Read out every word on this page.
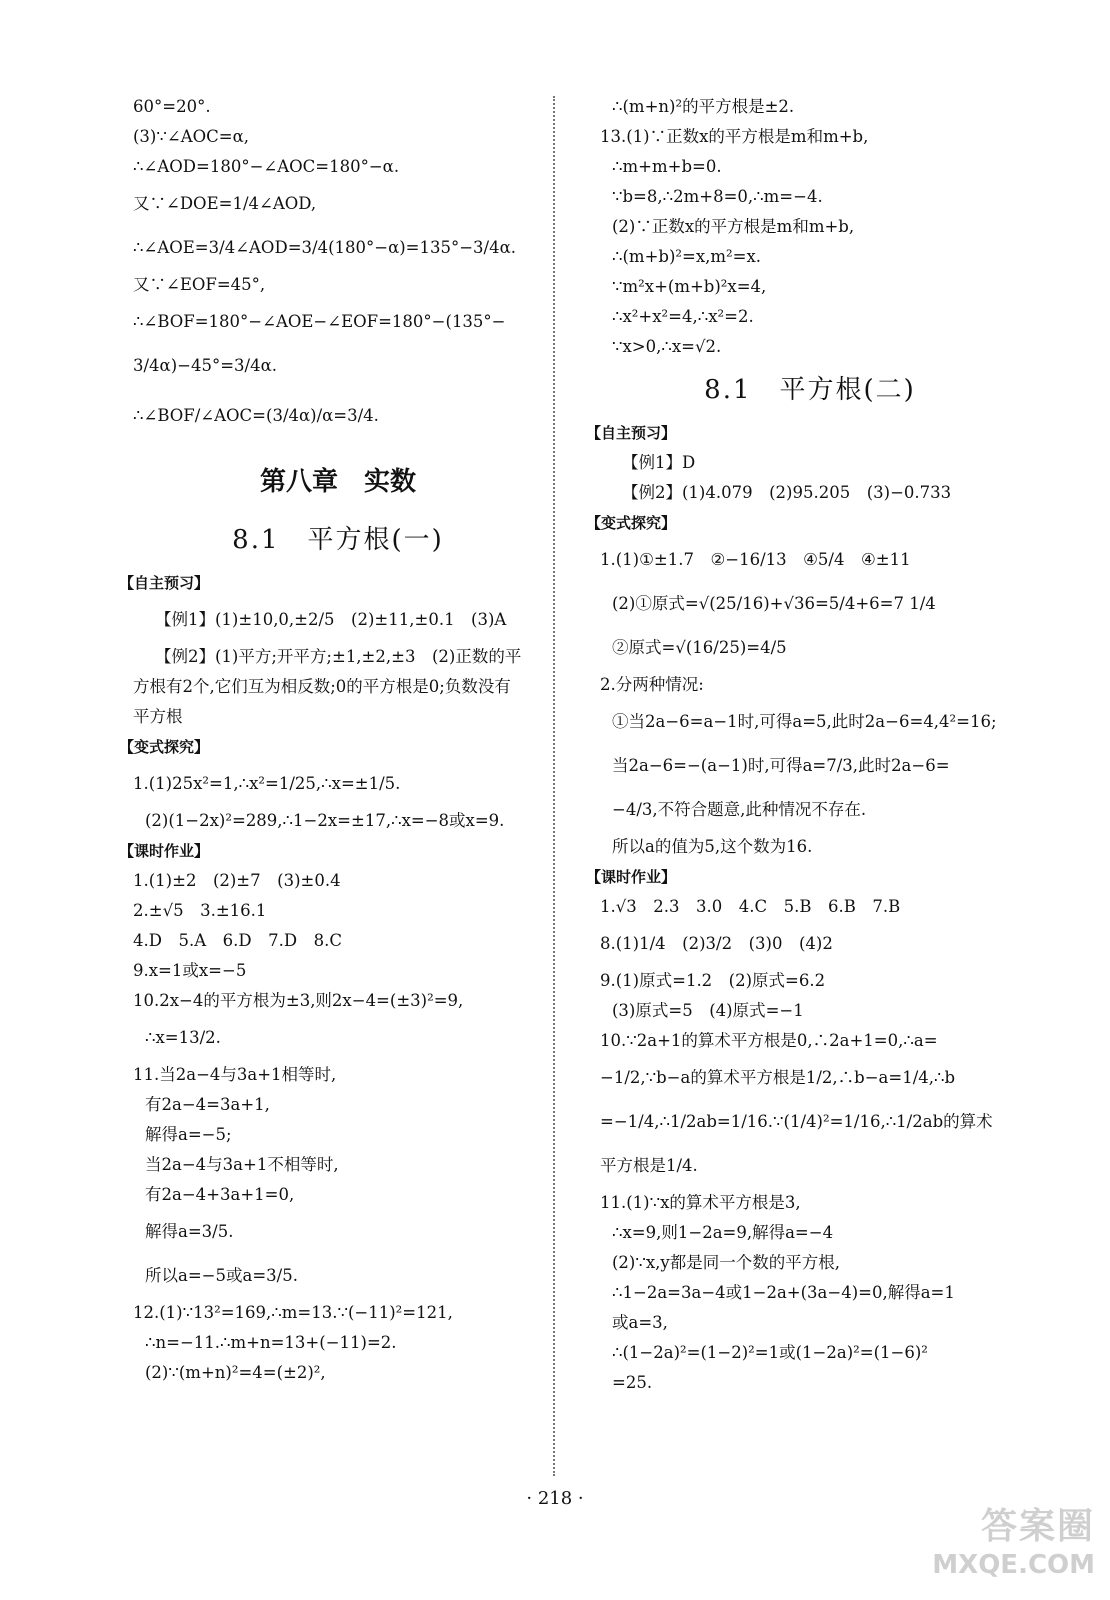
60°=20°.
(3)∵∠AOC=α,
∴∠AOD=180°−∠AOC=180°−α.
又∵∠DOE=1/4∠AOD,
∴∠AOE=3/4∠AOD=3/4(180°−α)=135°−3/4α.
又∵∠EOF=45°,
∴∠BOF=180°−∠AOE−∠EOF=180°−(135°−
3/4α)−45°=3/4α.
∴∠BOF/∠AOC=(3/4α)/α=3/4.
第八章　实数
8.1　平方根(一)
【自主预习】
【例1】(1)±10,0,±2/5　(2)±11,±0.1　(3)A
【例2】(1)平方;开平方;±1,±2,±3　(2)正数的平
方根有2个,它们互为相反数;0的平方根是0;负数没有
平方根
【变式探究】
1.(1)25x²=1,∴x²=1/25,∴x=±1/5.
(2)(1−2x)²=289,∴1−2x=±17,∴x=−8或x=9.
【课时作业】
1.(1)±2　(2)±7　(3)±0.4
2.±√5　3.±16.1
4.D　5.A　6.D　7.D　8.C
9.x=1或x=−5
10.2x−4的平方根为±3,则2x−4=(±3)²=9,
∴x=13/2.
11.当2a−4与3a+1相等时,
有2a−4=3a+1,
解得a=−5;
当2a−4与3a+1不相等时,
有2a−4+3a+1=0,
解得a=3/5.
所以a=−5或a=3/5.
12.(1)∵13²=169,∴m=13.∵(−11)²=121,
∴n=−11.∴m+n=13+(−11)=2.
(2)∵(m+n)²=4=(±2)²,
∴(m+n)²的平方根是±2.
13.(1)∵正数x的平方根是m和m+b,
∴m+m+b=0.
∵b=8,∴2m+8=0,∴m=−4.
(2)∵正数x的平方根是m和m+b,
∴(m+b)²=x,m²=x.
∵m²x+(m+b)²x=4,
∴x²+x²=4,∴x²=2.
∵x>0,∴x=√2.
8.1　平方根(二)
【自主预习】
【例1】D
【例2】(1)4.079　(2)95.205　(3)−0.733
【变式探究】
1.(1)①±1.7　②−16/13　④5/4　④±11
(2)①原式=√(25/16)+√36=5/4+6=7 1/4
②原式=√(16/25)=4/5
2.分两种情况:
①当2a−6=a−1时,可得a=5,此时2a−6=4,4²=16;
当2a−6=−(a−1)时,可得a=7/3,此时2a−6=
−4/3,不符合题意,此种情况不存在.
所以a的值为5,这个数为16.
【课时作业】
1.√3　2.3　3.0　4.C　5.B　6.B　7.B
8.(1)1/4　(2)3/2　(3)0　(4)2
9.(1)原式=1.2　(2)原式=6.2
(3)原式=5　(4)原式=−1
10.∵2a+1的算术平方根是0,∴2a+1=0,∴a=
−1/2,∵b−a的算术平方根是1/2,∴b−a=1/4,∴b
=−1/4,∴1/2ab=1/16.∵(1/4)²=1/16,∴1/2ab的算术
平方根是1/4.
11.(1)∵x的算术平方根是3,
∴x=9,则1−2a=9,解得a=−4
(2)∵x,y都是同一个数的平方根,
∴1−2a=3a−4或1−2a+(3a−4)=0,解得a=1
或a=3,
∴(1−2a)²=(1−2)²=1或(1−2a)²=(1−6)²
=25.
· 218 ·
答案圈
MXQE.COM
